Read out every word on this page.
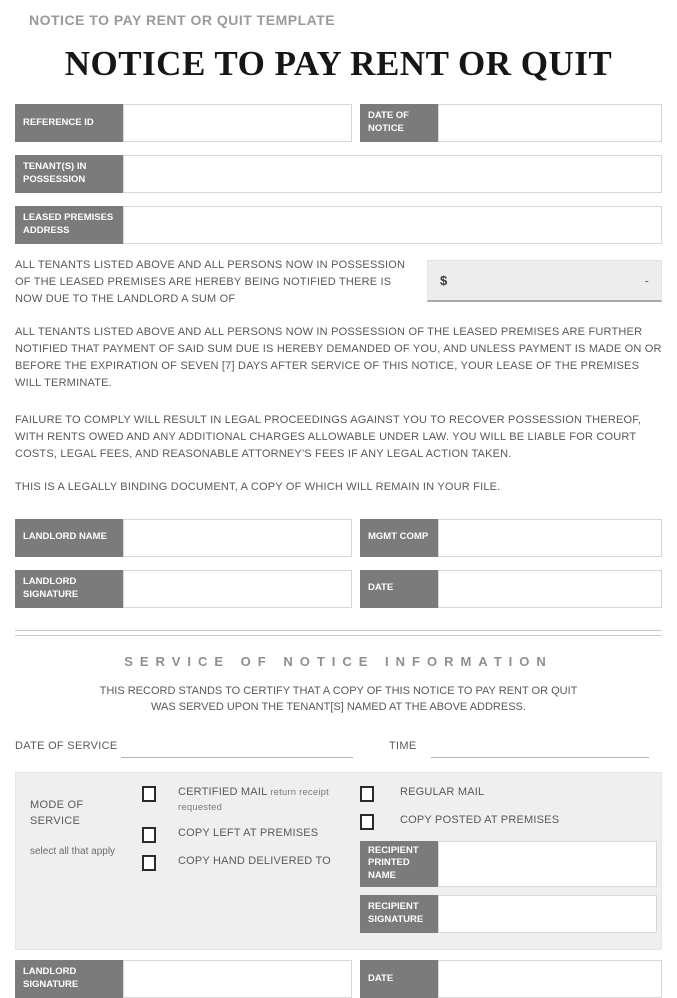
NOTICE TO PAY RENT OR QUIT TEMPLATE
NOTICE TO PAY RENT OR QUIT
REFERENCE ID
DATE OF NOTICE
TENANT(S) IN POSSESSION
LEASED PREMISES ADDRESS
ALL TENANTS LISTED ABOVE AND ALL PERSONS NOW IN POSSESSION OF THE LEASED PREMISES ARE HEREBY BEING NOTIFIED THERE IS NOW DUE TO THE LANDLORD A SUM OF
$	-
ALL TENANTS LISTED ABOVE AND ALL PERSONS NOW IN POSSESSION OF THE LEASED PREMISES ARE FURTHER NOTIFIED THAT PAYMENT OF SAID SUM DUE IS HEREBY DEMANDED OF YOU, AND UNLESS PAYMENT IS MADE ON OR BEFORE THE EXPIRATION OF SEVEN [7] DAYS AFTER SERVICE OF THIS NOTICE, YOUR LEASE OF THE PREMISES WILL TERMINATE.
FAILURE TO COMPLY WILL RESULT IN LEGAL PROCEEDINGS AGAINST YOU TO RECOVER POSSESSION THEREOF, WITH RENTS OWED AND ANY ADDITIONAL CHARGES ALLOWABLE UNDER LAW. YOU WILL BE LIABLE FOR COURT COSTS, LEGAL FEES, AND REASONABLE ATTORNEY'S FEES IF ANY LEGAL ACTION TAKEN.
THIS IS A LEGALLY BINDING DOCUMENT, A COPY OF WHICH WILL REMAIN IN YOUR FILE.
LANDLORD NAME	MGMT COMP
LANDLORD SIGNATURE
DATE
SERVICE OF NOTICE INFORMATION
THIS RECORD STANDS TO CERTIFY THAT A COPY OF THIS NOTICE TO PAY RENT OR QUIT
WAS SERVED UPON THE TENANT[S] NAMED AT THE ABOVE ADDRESS.
DATE OF SERVICE	TIME
MODE OF SERVICE
select all that apply
CERTIFIED MAIL return receipt requested
COPY LEFT AT PREMISES
COPY HAND DELIVERED TO
REGULAR MAIL
COPY POSTED AT PREMISES
RECIPIENT PRINTED NAME
RECIPIENT SIGNATURE
LANDLORD SIGNATURE
DATE
